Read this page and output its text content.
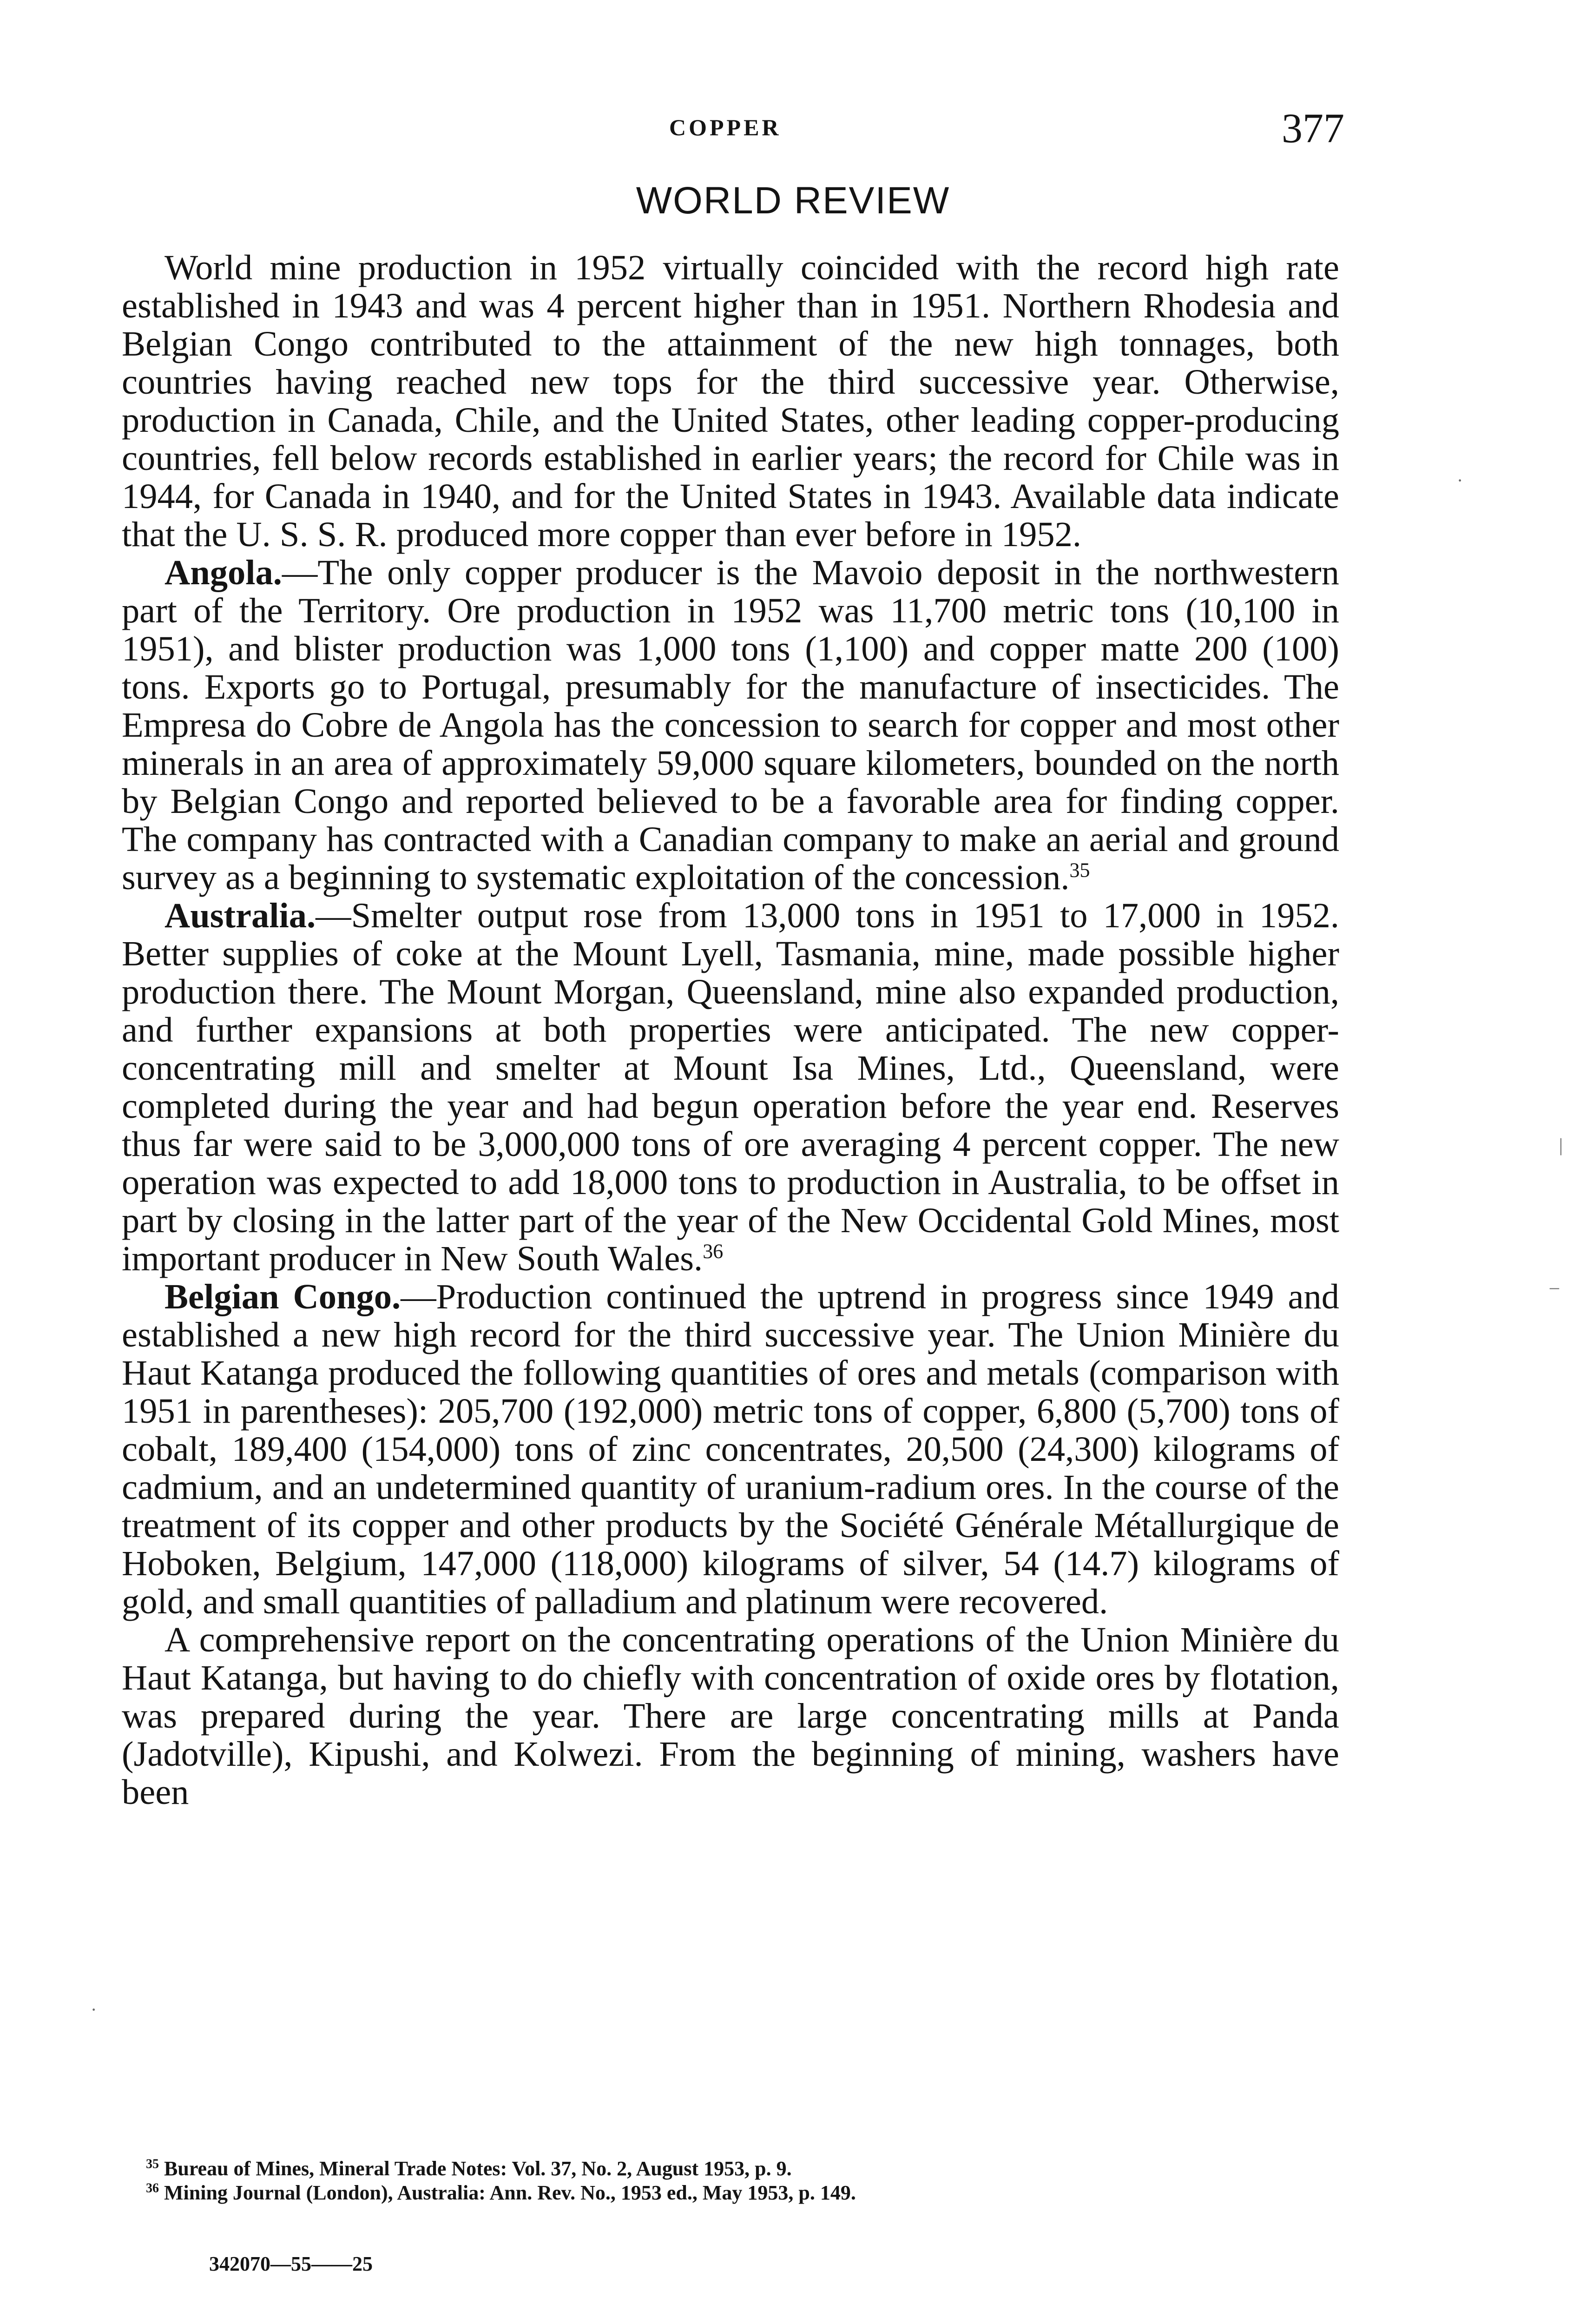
COPPER	377
WORLD REVIEW

World mine production in 1952 virtually coincided with the record high rate established in 1943 and was 4 percent higher than in 1951. Northern Rhodesia and Belgian Congo contributed to the attainment of the new high tonnages, both countries having reached new tops for the third successive year. Otherwise, production in Canada, Chile, and the United States, other leading copper-producing countries, fell below records established in earlier years; the record for Chile was in 1944, for Canada in 1940, and for the United States in 1943. Available data indicate that the U. S. S. R. produced more copper than ever before in 1952.

Angola.—The only copper producer is the Mavoio deposit in the northwestern part of the Territory. Ore production in 1952 was 11,700 metric tons (10,100 in 1951), and blister production was 1,000 tons (1,100) and copper matte 200 (100) tons. Exports go to Portugal, presumably for the manufacture of insecticides. The Empresa do Cobre de Angola has the concession to search for copper and most other minerals in an area of approximately 59,000 square kilometers, bounded on the north by Belgian Congo and reported believed to be a favorable area for finding copper. The company has contracted with a Canadian company to make an aerial and ground survey as a beginning to systematic exploitation of the concession.$^{35}$

Australia.—Smelter output rose from 13,000 tons in 1951 to 17,000 in 1952. Better supplies of coke at the Mount Lyell, Tasmania, mine, made possible higher production there. The Mount Morgan, Queensland, mine also expanded production, and further expansions at both properties were anticipated. The new copper-concentrating mill and smelter at Mount Isa Mines, Ltd., Queensland, were completed during the year and had begun operation before the year end. Reserves thus far were said to be 3,000,000 tons of ore averaging 4 percent copper. The new operation was expected to add 18,000 tons to production in Australia, to be offset in part by closing in the latter part of the year of the New Occidental Gold Mines, most important producer in New South Wales.$^{36}$

Belgian Congo.—Production continued the uptrend in progress since 1949 and established a new high record for the third successive year. The Union Minière du Haut Katanga produced the following quantities of ores and metals (comparison with 1951 in parentheses): 205,700 (192,000) metric tons of copper, 6,800 (5,700) tons of cobalt, 189,400 (154,000) tons of zinc concentrates, 20,500 (24,300) kilograms of cadmium, and an undetermined quantity of uranium-radium ores. In the course of the treatment of its copper and other products by the Société Générale Métallurgique de Hoboken, Belgium, 147,000 (118,000) kilograms of silver, 54 (14.7) kilograms of gold, and small quantities of palladium and platinum were recovered.

A comprehensive report on the concentrating operations of the Union Minière du Haut Katanga, but having to do chiefly with concentration of oxide ores by flotation, was prepared during the year. There are large concentrating mills at Panda (Jadotville), Kipushi, and Kolwezi. From the beginning of mining, washers have been

$^{35}$ Bureau of Mines, Mineral Trade Notes: Vol. 37, No. 2, August 1953, p. 9.

$^{36}$ Mining Journal (London), Australia: Ann. Rev. No., 1953 ed., May 1953, p. 149.

342070—55——25
·
|
–
·
